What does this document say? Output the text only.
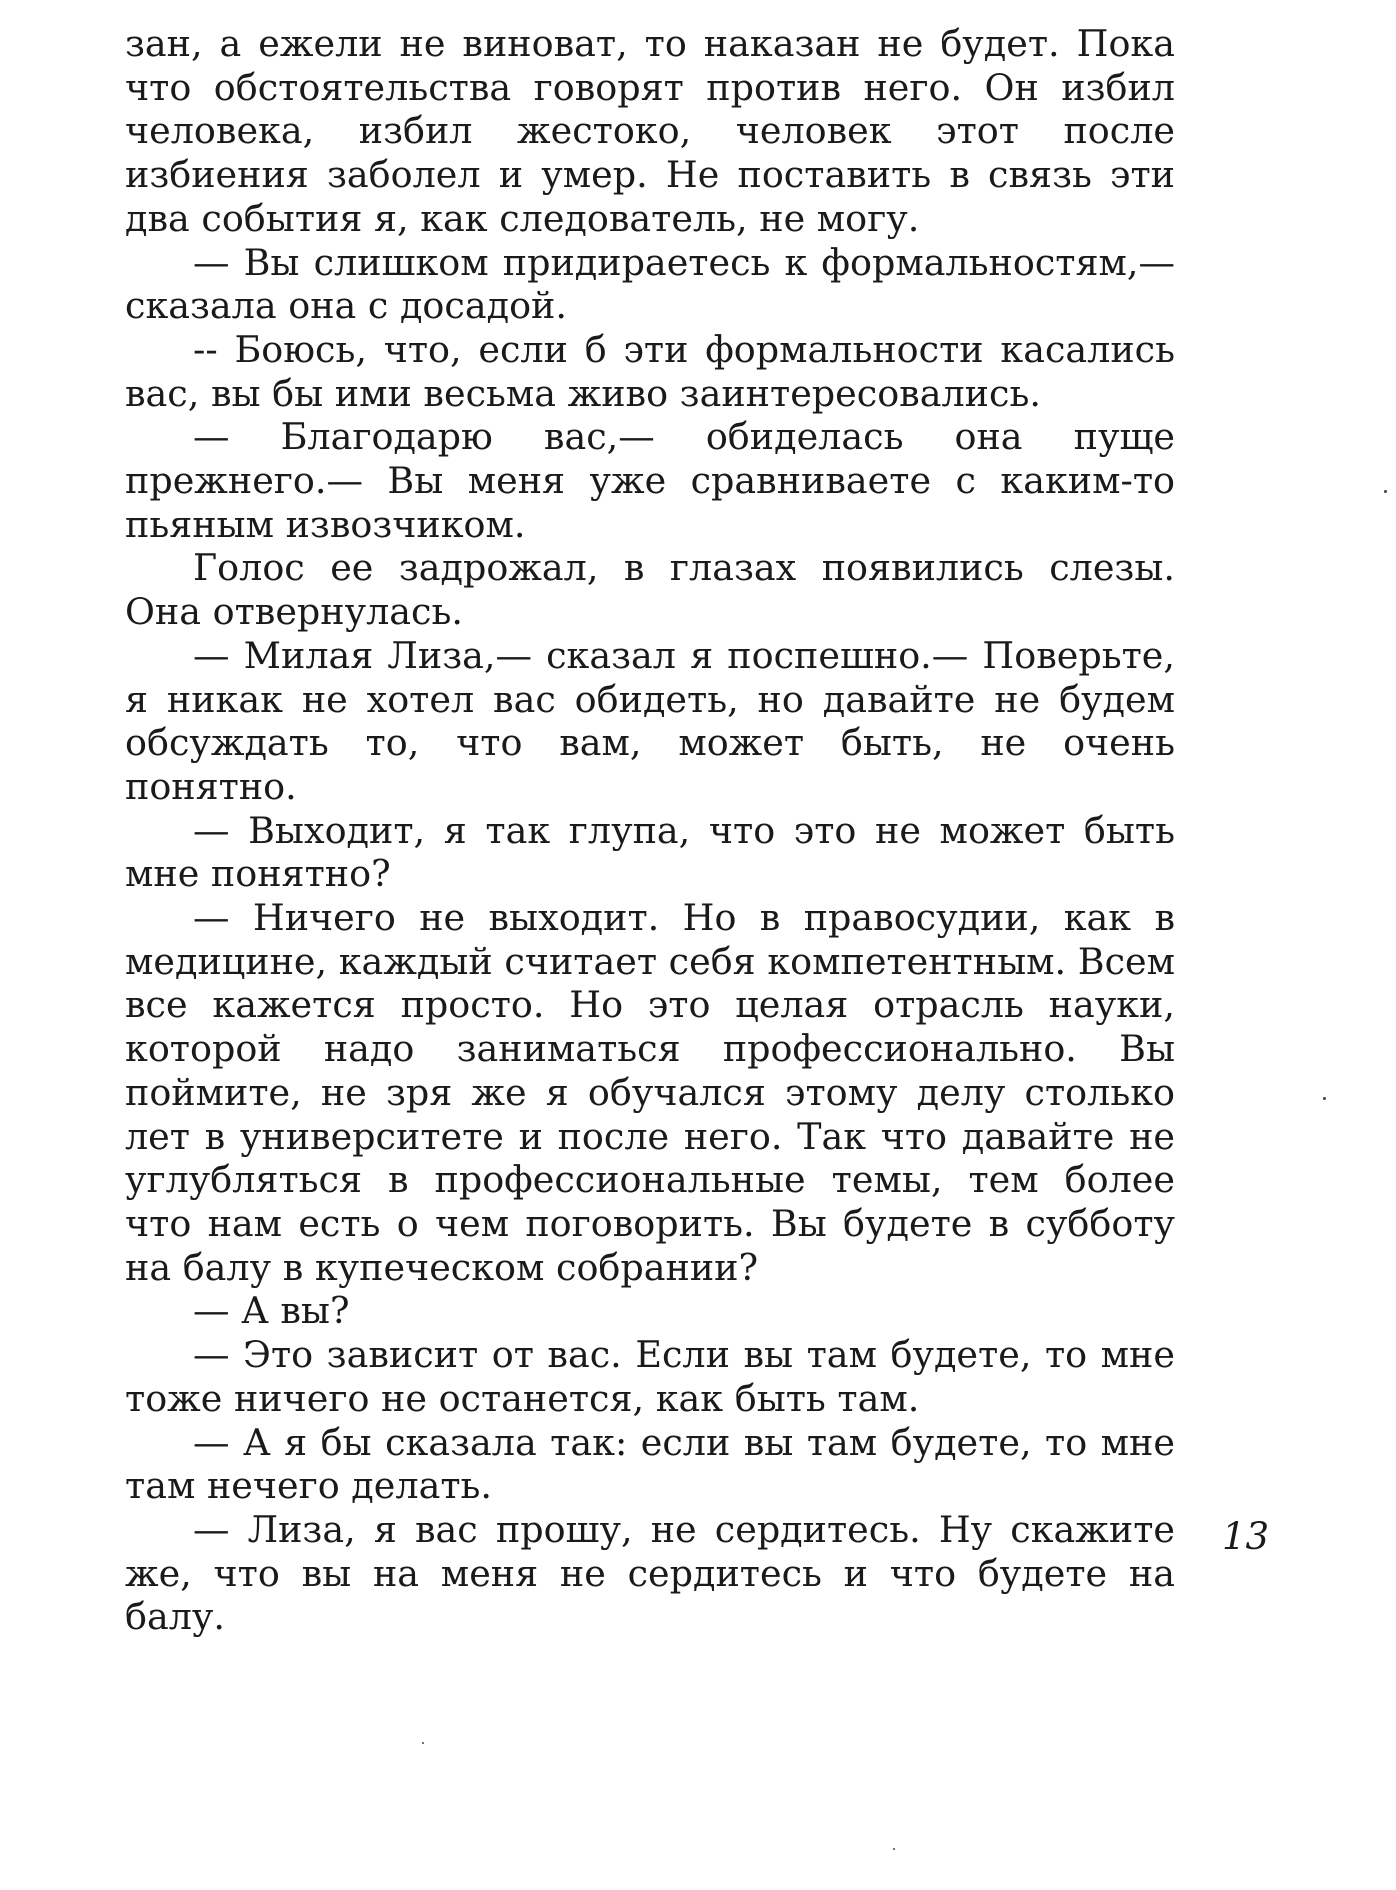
зан, а ежели не виноват, то наказан не будет. Пока что обстоятельства говорят против него. Он избил человека, избил жестоко, человек этот после избиения заболел и умер. Не поставить в связь эти два события я, как следователь, не могу.

— Вы слишком придираетесь к формальностям,— сказала она с досадой.

-- Боюсь, что, если б эти формальности касались вас, вы бы ими весьма живо заинтересовались.

— Благодарю вас,— обиделась она пуще прежнего.— Вы меня уже сравниваете с каким-то пьяным извозчиком.

Голос ее задрожал, в глазах появились слезы. Она отвернулась.

— Милая Лиза,— сказал я поспешно.— Поверьте, я никак не хотел вас обидеть, но давайте не будем обсуждать то, что вам, может быть, не очень понятно.

— Выходит, я так глупа, что это не может быть мне понятно?

— Ничего не выходит. Но в правосудии, как в медицине, каждый считает себя компетентным. Всем все кажется просто. Но это целая отрасль науки, которой надо заниматься профессионально. Вы поймите, не зря же я обучался этому делу столько лет в университете и после него. Так что давайте не углубляться в профессиональные темы, тем более что нам есть о чем поговорить. Вы будете в субботу на балу в купеческом собрании?

— А вы?

— Это зависит от вас. Если вы там будете, то мне тоже ничего не останется, как быть там.

— А я бы сказала так: если вы там будете, то мне там нечего делать.

— Лиза, я вас прошу, не сердитесь. Ну скажите же, что вы на меня не сердитесь и что будете на балу.

13
